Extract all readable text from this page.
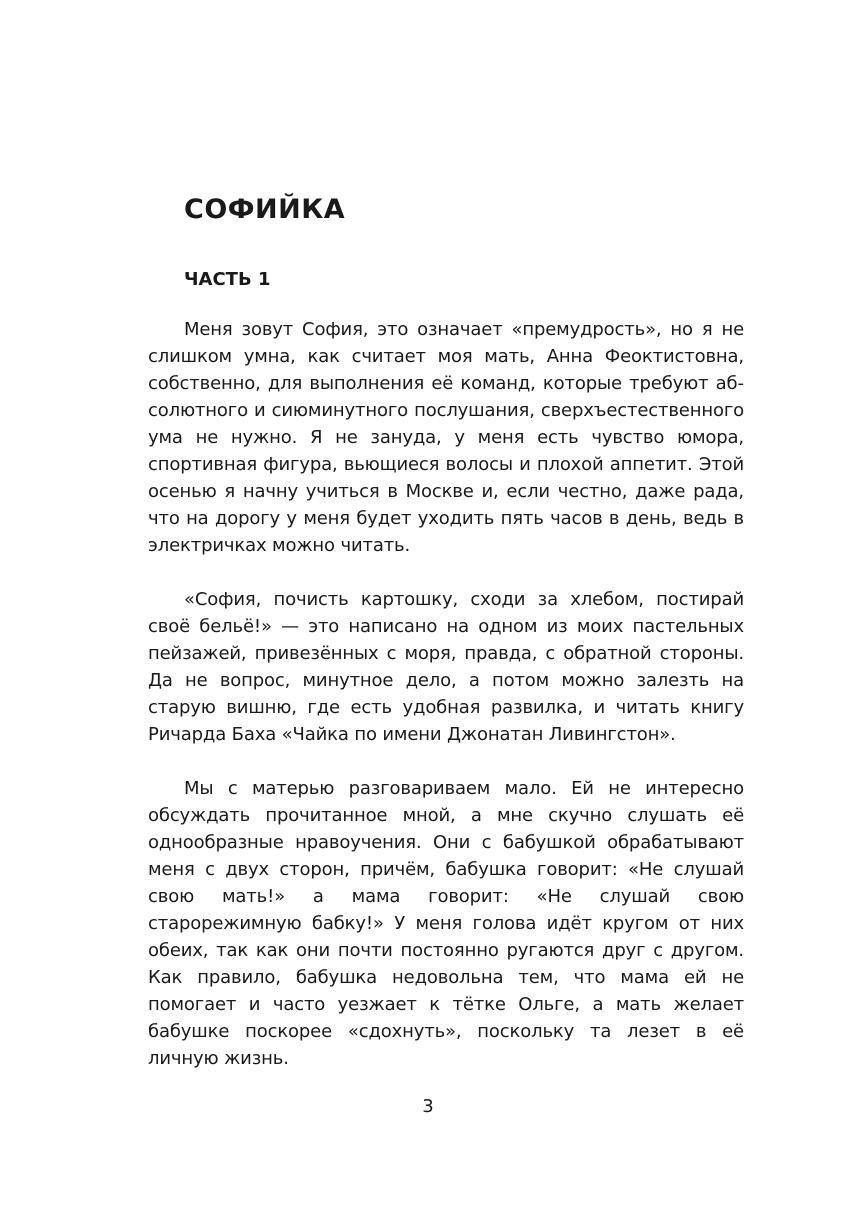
СОФИЙКА
ЧАСТЬ 1

Меня зовут София, это означает «премудрость», но я не слишком умна, как считает моя мать, Анна Феоктистовна, собственно, для выполнения её команд, которые требуют абсолютного и сиюминутного послушания, сверхъестественного ума не нужно. Я не зануда, у меня есть чувство юмора, спортивная фигура, вьющиеся волосы и плохой аппетит. Этой осенью я начну учиться в Москве и, если честно, даже рада, что на дорогу у меня будет уходить пять часов в день, ведь в электричках можно читать.

«София, почисть картошку, сходи за хлебом, постирай своё бельё!» — это написано на одном из моих пастельных пейзажей, привезённых с моря, правда, с обратной стороны. Да не вопрос, минутное дело, а потом можно залезть на старую вишню, где есть удобная развилка, и читать книгу Ричарда Баха «Чайка по имени Джонатан Ливингстон».

Мы с матерью разговариваем мало. Ей не интересно обсуждать прочитанное мной, а мне скучно слушать её однообразные нравоучения. Они с бабушкой обрабатывают меня с двух сторон, причём, бабушка говорит: «Не слушай свою мать!» а мама говорит: «Не слушай свою старорежимную бабку!» У меня голова идёт кругом от них обеих, так как они почти постоянно ругаются друг с другом. Как правило, бабушка недовольна тем, что мама ей не помогает и часто уезжает к тётке Ольге, а мать желает бабушке поскорее «сдохнуть», поскольку та лезет в её личную жизнь.

3
